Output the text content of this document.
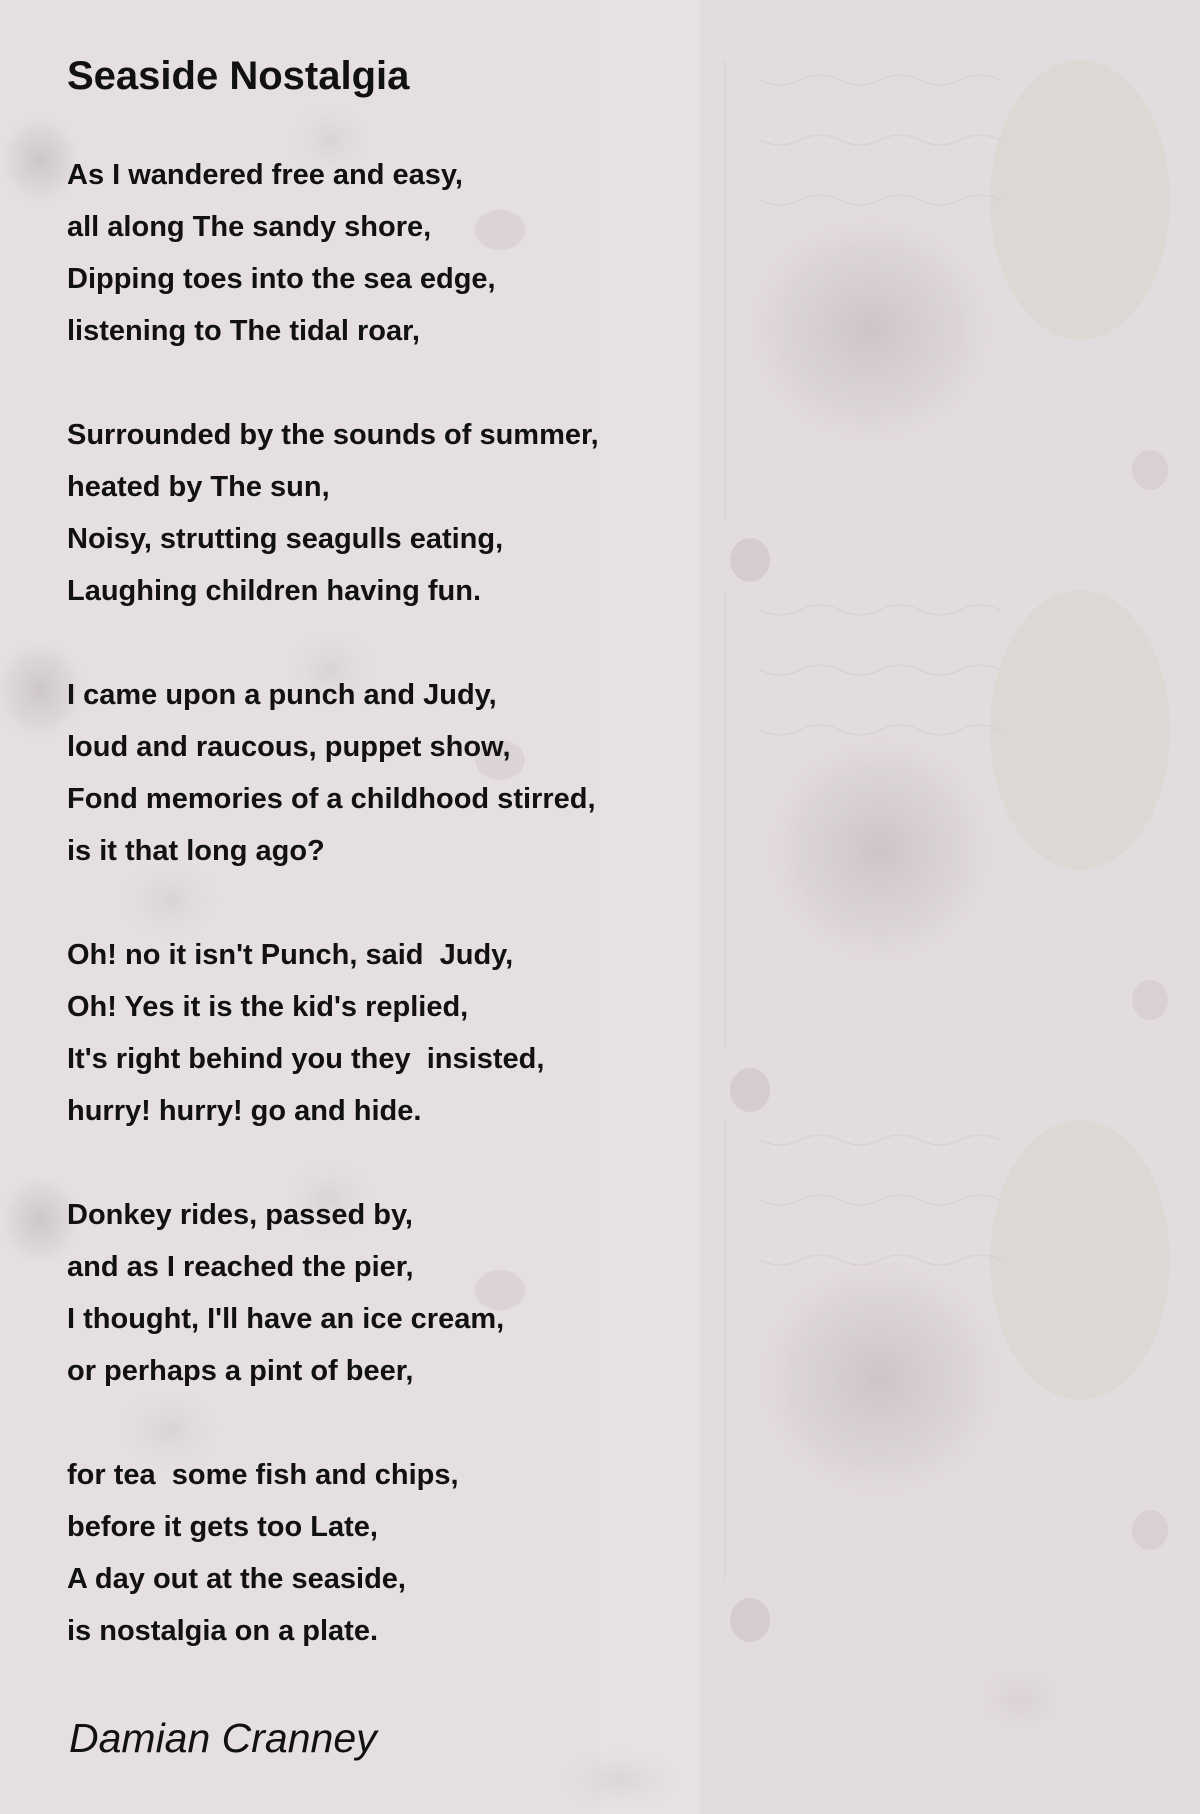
Seaside Nostalgia
As I wandered free and easy,
all along The sandy shore,
Dipping toes into the sea edge,
listening to The tidal roar,
Surrounded by the sounds of summer,
heated by The sun,
Noisy, strutting seagulls eating,
Laughing children having fun.
I came upon a punch and Judy,
loud and raucous, puppet show,
Fond memories of a childhood stirred,
is it that long ago?
Oh! no it isn't Punch, said  Judy,
Oh! Yes it is the kid's replied,
It's right behind you they  insisted,
hurry! hurry! go and hide.
Donkey rides, passed by,
and as I reached the pier,
I thought, I'll have an ice cream,
or perhaps a pint of beer,
for tea  some fish and chips,
before it gets too Late,
A day out at the seaside,
is nostalgia on a plate.

Damian Cranney
